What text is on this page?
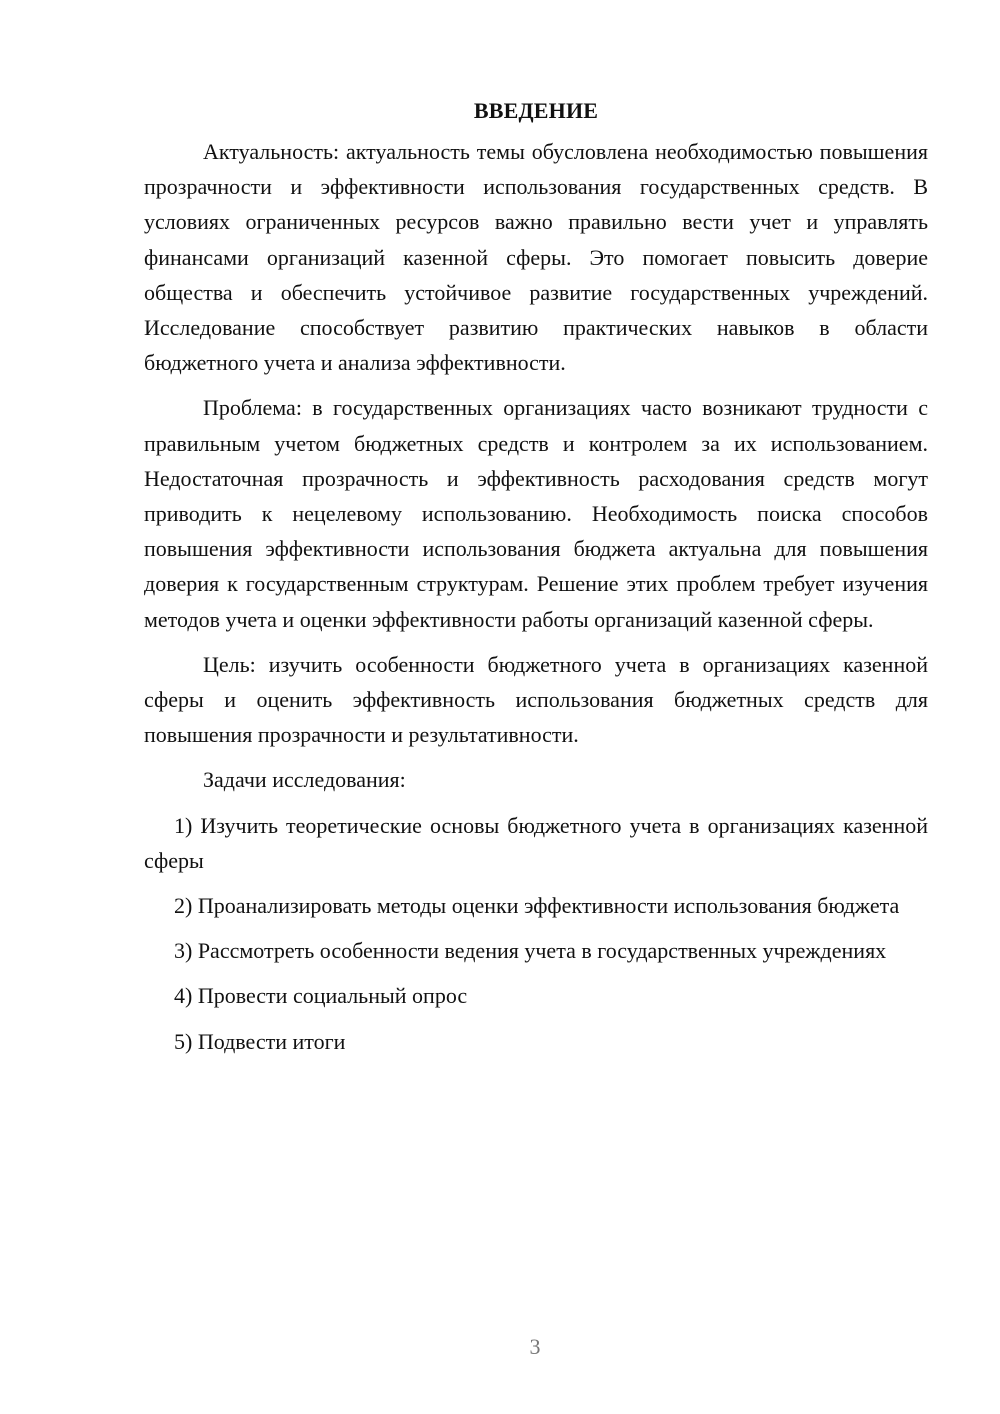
ВВЕДЕНИЕ

Актуальность: актуальность темы обусловлена необходимостью повышения прозрачности и эффективности использования государственных средств. В условиях ограниченных ресурсов важно правильно вести учет и управлять финансами организаций казенной сферы. Это помогает повысить доверие общества и обеспечить устойчивое развитие государственных учреждений. Исследование способствует развитию практических навыков в области бюджетного учета и анализа эффективности.

Проблема: в государственных организациях часто возникают трудности с правильным учетом бюджетных средств и контролем за их использованием. Недостаточная прозрачность и эффективность расходования средств могут приводить к нецелевому использованию. Необходимость поиска способов повышения эффективности использования бюджета актуальна для повышения доверия к государственным структурам. Решение этих проблем требует изучения методов учета и оценки эффективности работы организаций казенной сферы.

Цель: изучить особенности бюджетного учета в организациях казенной сферы и оценить эффективность использования бюджетных средств для повышения прозрачности и результативности.

Задачи исследования:

1) Изучить теоретические основы бюджетного учета в организациях казенной сферы
2) Проанализировать методы оценки эффективности использования бюджета
3) Рассмотреть особенности ведения учета в государственных учреждениях
4) Провести социальный опрос
5) Подвести итоги
3
